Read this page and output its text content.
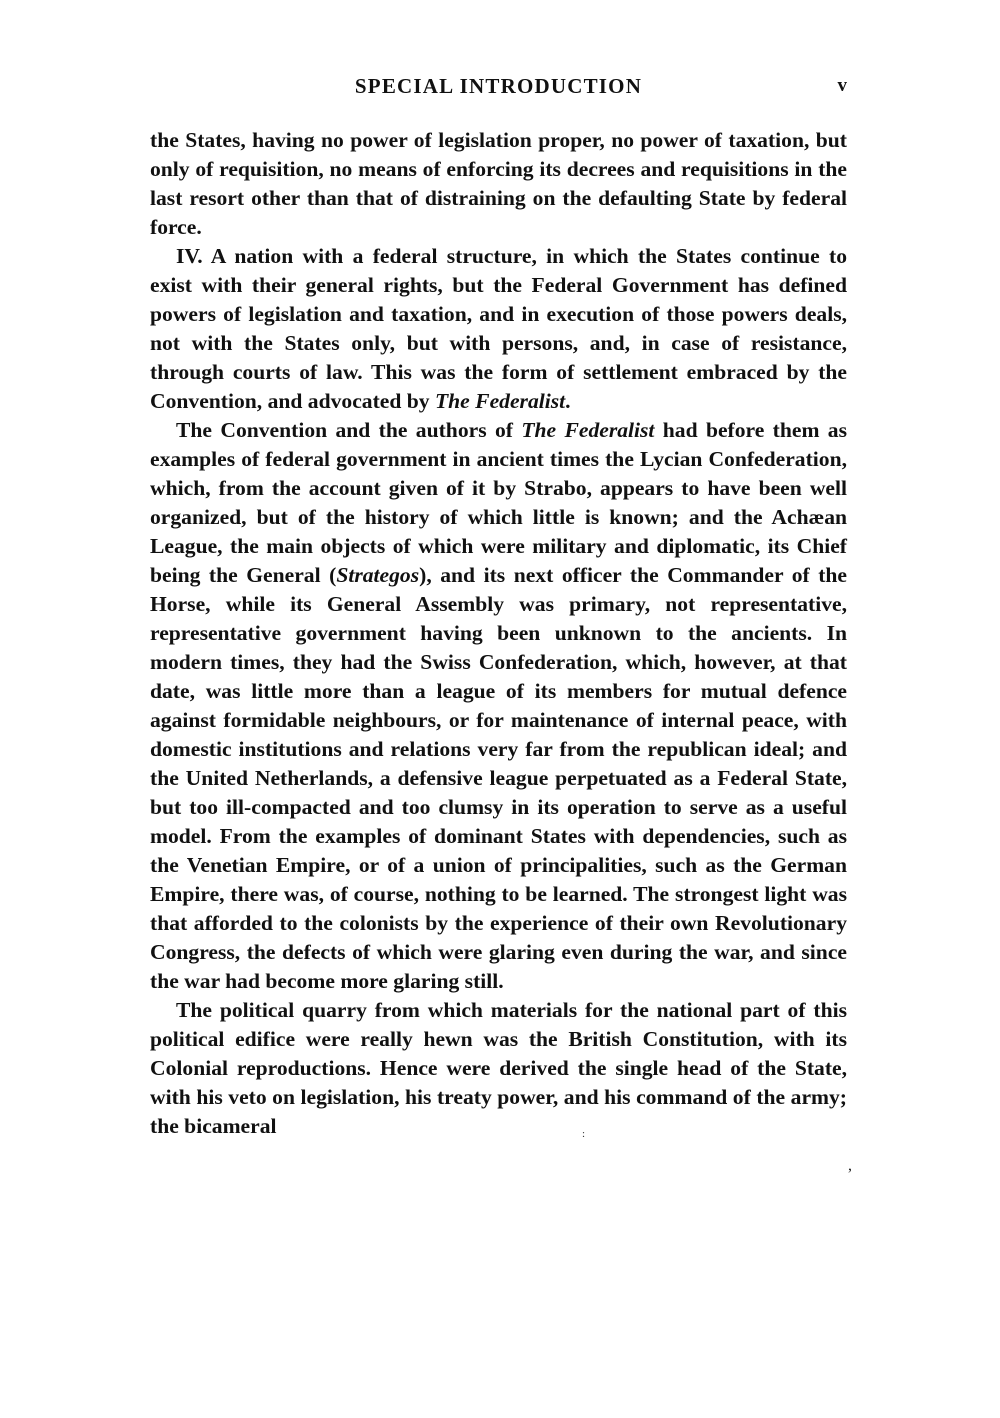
SPECIAL INTRODUCTION	v

the States, having no power of legislation proper, no power of taxation, but only of requisition, no means of enforcing its decrees and requisitions in the last resort other than that of distraining on the defaulting State by federal force.

IV. A nation with a federal structure, in which the States continue to exist with their general rights, but the Federal Government has defined powers of legislation and taxation, and in execution of those powers deals, not with the States only, but with persons, and, in case of resistance, through courts of law. This was the form of settlement embraced by the Convention, and advocated by The Federalist.

The Convention and the authors of The Federalist had before them as examples of federal government in ancient times the Lycian Confederation, which, from the account given of it by Strabo, appears to have been well organized, but of the history of which little is known; and the Achæan League, the main objects of which were military and diplomatic, its Chief being the General (Strategos), and its next officer the Commander of the Horse, while its General Assembly was primary, not representative, representative government having been unknown to the ancients. In modern times, they had the Swiss Confederation, which, however, at that date, was little more than a league of its members for mutual defence against formidable neighbours, or for maintenance of internal peace, with domestic institutions and relations very far from the republican ideal; and the United Netherlands, a defensive league perpetuated as a Federal State, but too ill-compacted and too clumsy in its operation to serve as a useful model. From the examples of dominant States with dependencies, such as the Venetian Empire, or of a union of principalities, such as the German Empire, there was, of course, nothing to be learned. The strongest light was that afforded to the colonists by the experience of their own Revolutionary Congress, the defects of which were glaring even during the war, and since the war had become more glaring still.

The political quarry from which materials for the national part of this political edifice were really hewn was the British Constitution, with its Colonial reproductions. Hence were derived the single head of the State, with his veto on legislation, his treaty power, and his command of the army; the bicameral	:
,
